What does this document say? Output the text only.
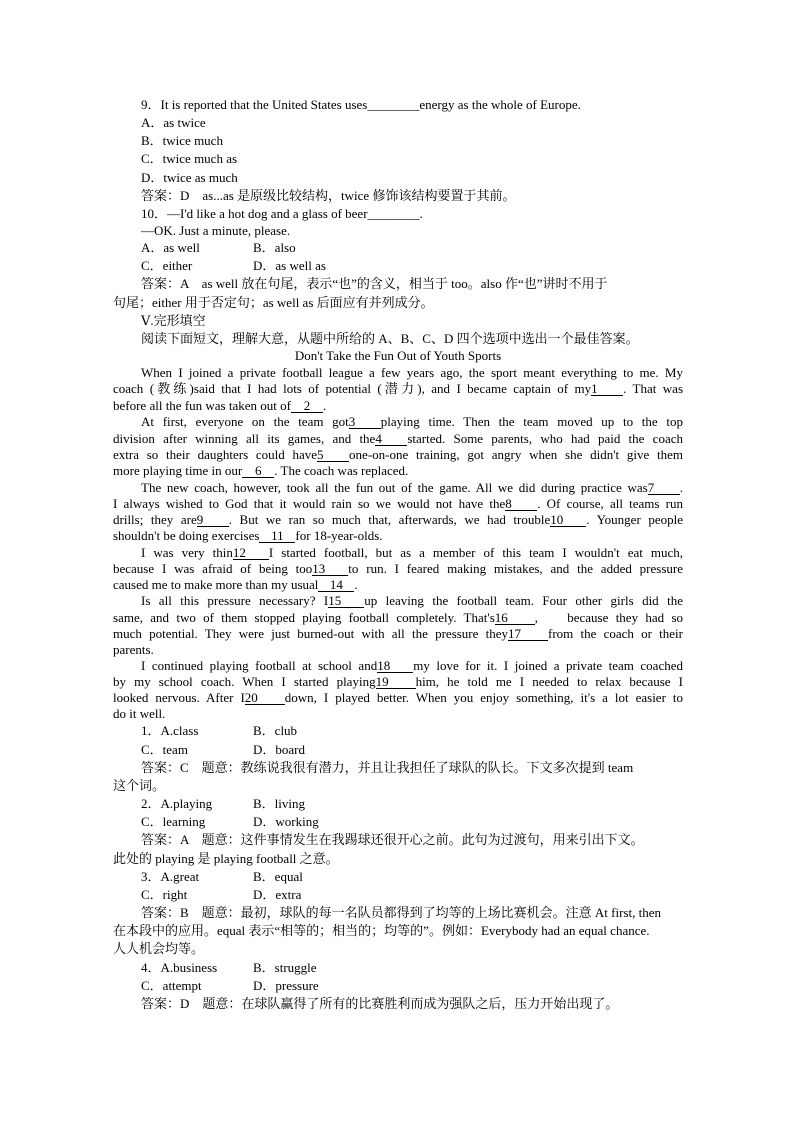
9．It is reported that the United States uses________energy as the whole of Europe.
A．as twice
B．twice much
C．twice much as
D．twice as much
答案：D　as...as 是原级比较结构，twice 修饰该结构要置于其前。
10．—I'd like a hot dog and a glass of beer________.
—OK. Just a minute, please.
A．as well	B．also
C．either	D．as well as
答案：A　as well 放在句尾，表示“也”的含义，相当于 too。also 作“也”讲时不用于
句尾；either 用于否定句；as well as 后面应有并列成分。
Ⅴ.完形填空
阅读下面短文，理解大意，从题中所给的 A、B、C、D 四个选项中选出一个最佳答案。
Don't Take the Fun Out of Youth Sports
When I joined a private football league a few years ago, the sport meant everything to me. My
coach (教练)said that I had lots of potential (潜力), and I became captain of my1 . That was
before all the fun was taken out of 2 .
At first, everyone on the team got3 playing time. Then the team moved up to the top
division after winning all its games, and the4 started. Some parents, who had paid the coach
extra so their daughters could have5 one-on-one training, got angry when she didn't give them
more playing time in our 6 . The coach was replaced.
The new coach, however, took all the fun out of the game. All we did during practice was7 .
I always wished to God that it would rain so we would not have the8 . Of course, all teams run
drills; they are9 . But we ran so much that, afterwards, we had trouble10 . Younger people
shouldn't be doing exercises 11 for 18-year-olds.
I was very thin12 I started football, but as a member of this team I wouldn't eat much,
because I was afraid of being too13 to run. I feared making mistakes, and the added pressure
caused me to make more than my usual 14 .
Is all this pressure necessary? I15 up leaving the football team. Four other girls did the
same, and two of them stopped playing football completely. That's16 ,    because they had so
much potential. They were just burned-out with all the pressure they17 from the coach or their
parents.
I continued playing football at school and18 my love for it. I joined a private team coached
by my school coach. When I started playing19 him, he told me I needed to relax because I
looked nervous. After I20 down, I played better. When you enjoy something, it's a lot easier to
do it well.
1．A.class	B．club
C．team	D．board
答案：C　题意：教练说我很有潜力，并且让我担任了球队的队长。下文多次提到 team
这个词。
2．A.playing	B．living
C．learning	D．working
答案：A　题意：这件事情发生在我踢球还很开心之前。此句为过渡句，用来引出下文。
此处的 playing 是 playing football 之意。
3．A.great	B．equal
C．right	D．extra
答案：B　题意：最初，球队的每一名队员都得到了均等的上场比赛机会。注意 At first, then
在本段中的应用。equal 表示“相等的；相当的；均等的”。例如：Everybody had an equal chance.
人人机会均等。
4．A.business	B．struggle
C．attempt	D．pressure
答案：D　题意：在球队赢得了所有的比赛胜利而成为强队之后，压力开始出现了。
